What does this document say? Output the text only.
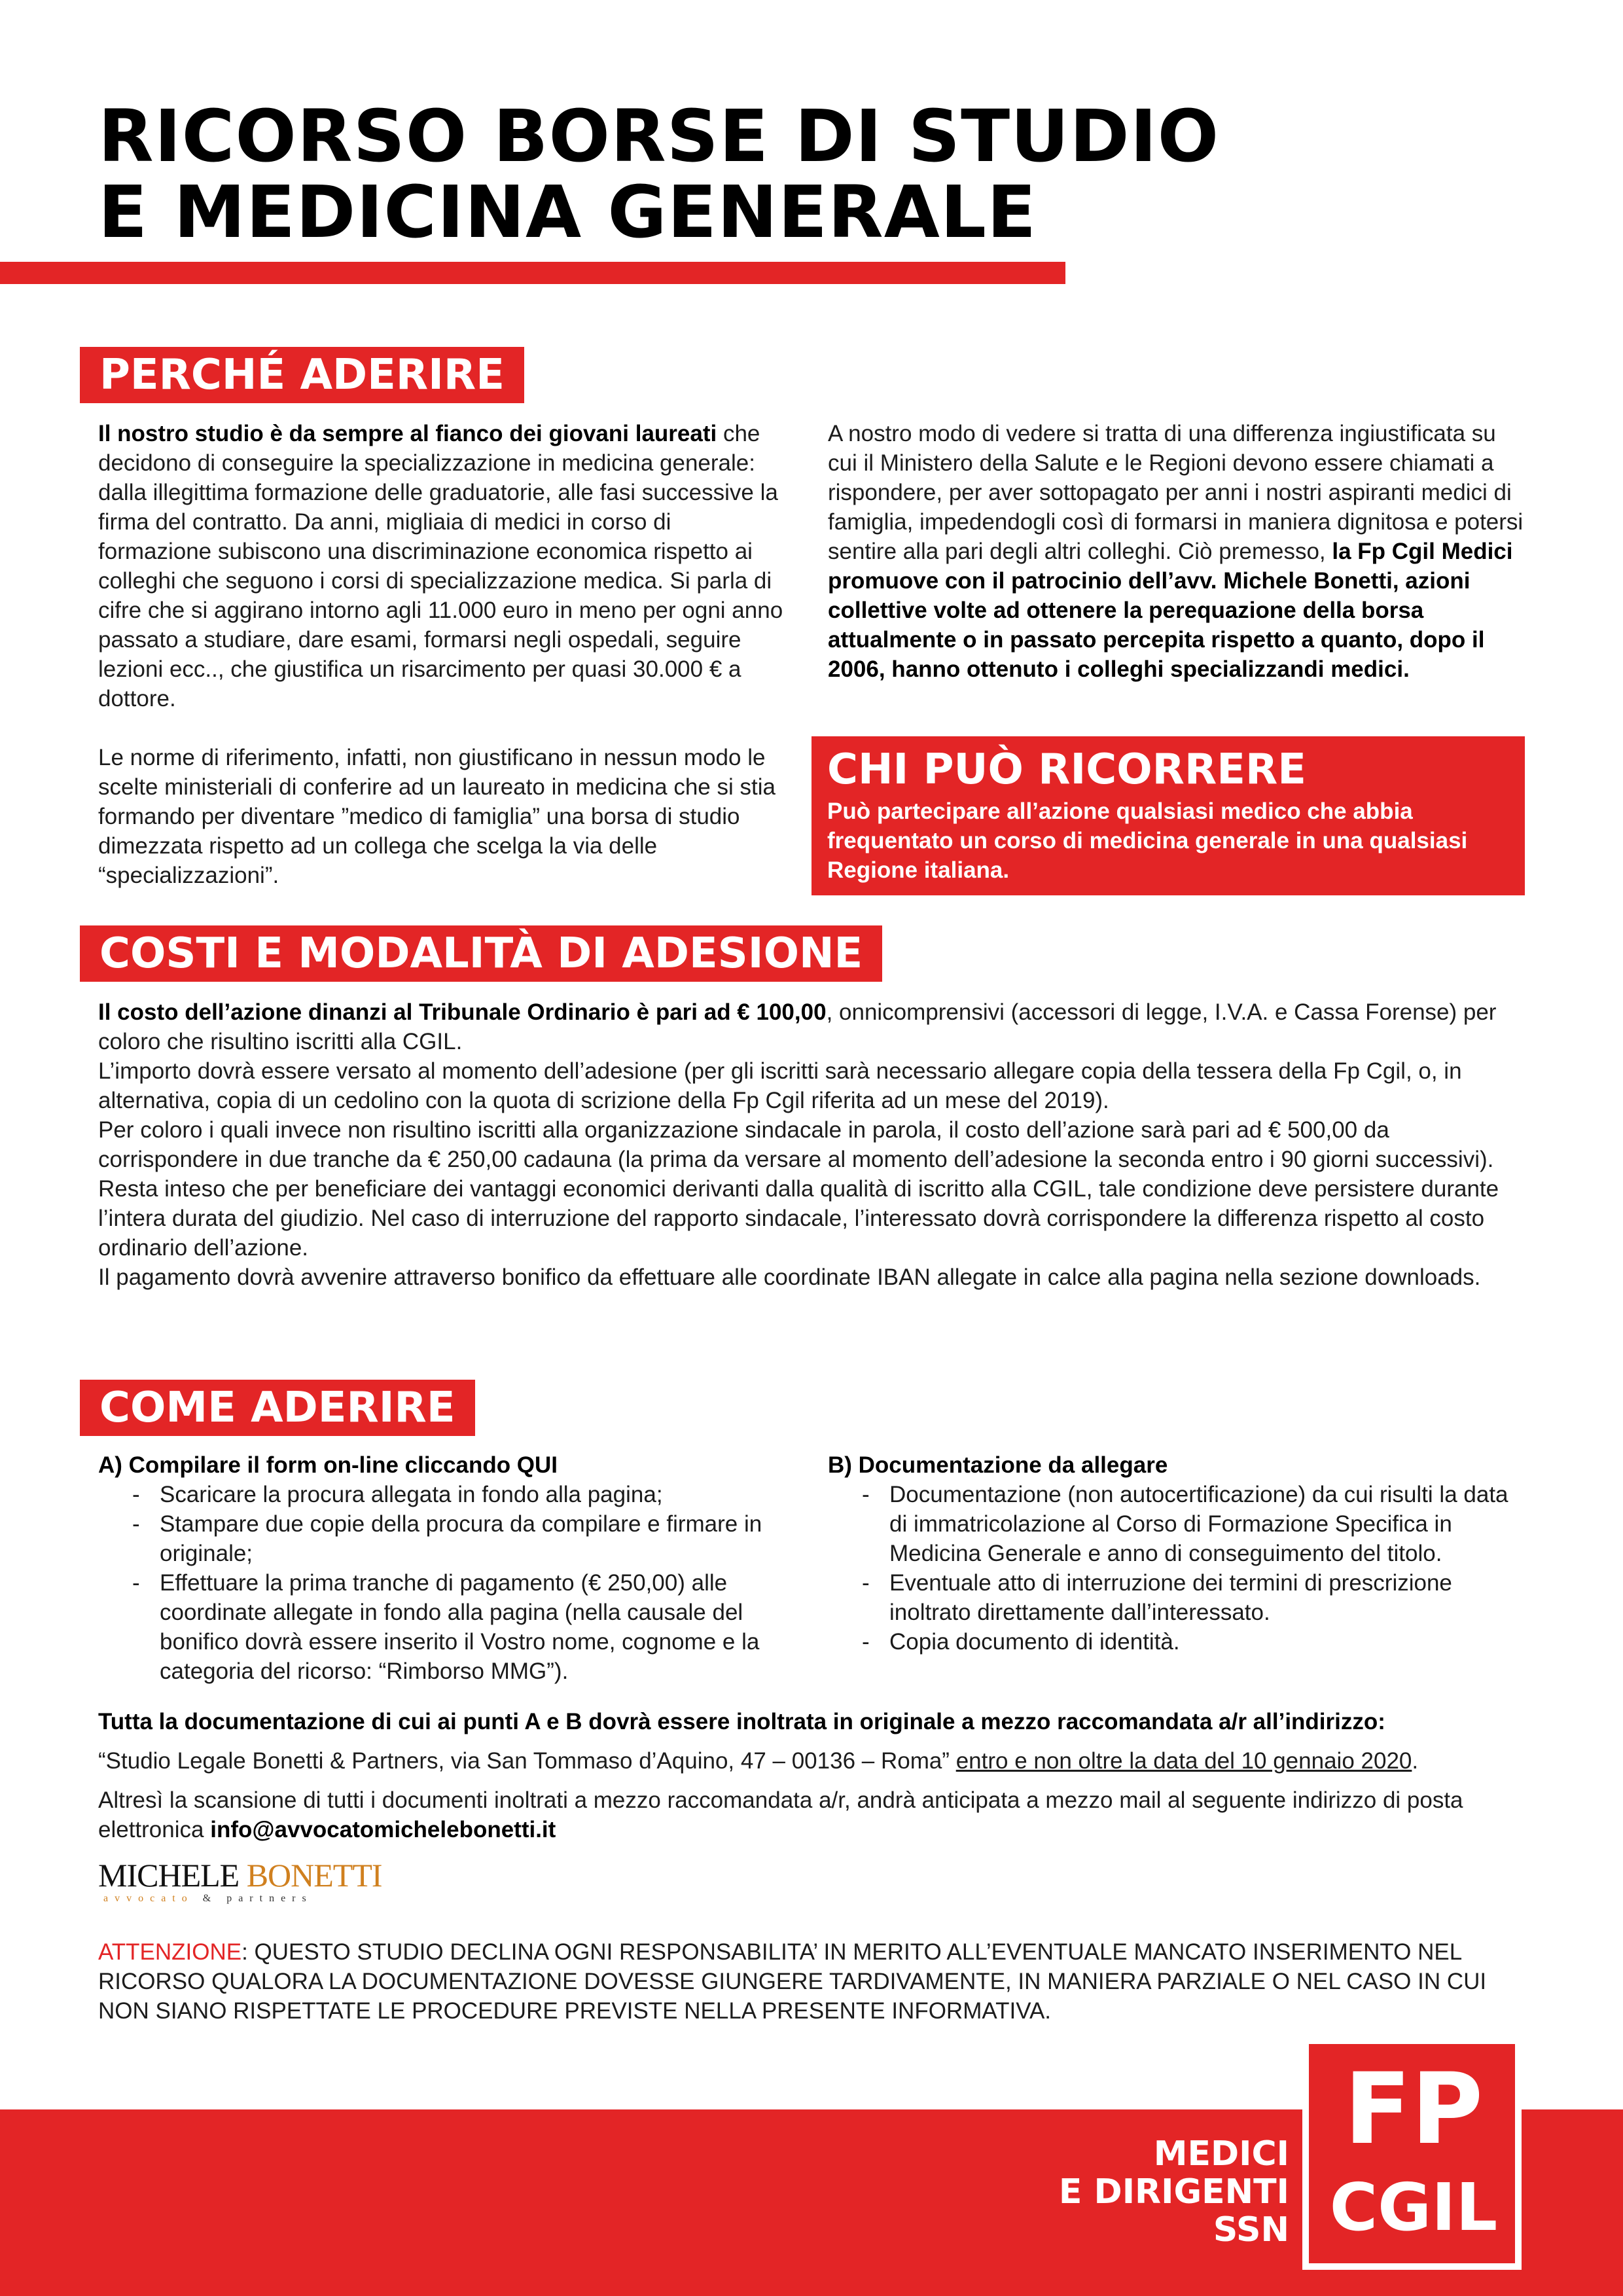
RICORSO BORSE DI STUDIO
E MEDICINA GENERALE
PERCHÉ ADERIRE
Il nostro studio è da sempre al fianco dei giovani laureati che decidono di conseguire la specializzazione in medicina generale: dalla illegittima formazione delle graduatorie, alle fasi successive la firma del contratto. Da anni, migliaia di medici in corso di formazione subiscono una discriminazione economica rispetto ai colleghi che seguono i corsi di specializzazione medica. Si parla di cifre che si aggirano intorno agli 11.000 euro in meno per ogni anno passato a studiare, dare esami, formarsi negli ospedali, seguire lezioni ecc.., che giustifica un risarcimento per quasi 30.000 € a dottore.
Le norme di riferimento, infatti, non giustificano in nessun modo le scelte ministeriali di conferire ad un laureato in medicina che si stia formando per diventare ”medico di famiglia” una borsa di studio dimezzata rispetto ad un collega che scelga la via delle “specializzazioni”.
A nostro modo di vedere si tratta di una differenza ingiustificata su cui il Ministero della Salute e le Regioni devono essere chiamati a rispondere, per aver sottopagato per anni i nostri aspiranti medici di famiglia, impedendogli così di formarsi in maniera dignitosa e potersi sentire alla pari degli altri colleghi. Ciò premesso, la Fp Cgil Medici promuove con il patrocinio dell’avv. Michele Bonetti, azioni collettive volte ad ottenere la perequazione della borsa attualmente o in passato percepita rispetto a quanto, dopo il 2006, hanno ottenuto i colleghi specializzandi medici.
CHI PUÒ RICORRERE
Può partecipare all’azione qualsiasi medico che abbia frequentato un corso di medicina generale in una qualsiasi Regione italiana.
COSTI E MODALITÀ DI ADESIONE
Il costo dell’azione dinanzi al Tribunale Ordinario è pari ad € 100,00, onnicomprensivi (accessori di legge, I.V.A. e Cassa Forense) per coloro che risultino iscritti alla CGIL.
L’importo dovrà essere versato al momento dell’adesione (per gli iscritti sarà necessario allegare copia della tessera della Fp Cgil, o, in alternativa, copia di un cedolino con la quota di scrizione della Fp Cgil riferita ad un mese del 2019).
Per coloro i quali invece non risultino iscritti alla organizzazione sindacale in parola, il costo dell’azione sarà pari ad € 500,00 da corrispondere in due tranche da € 250,00 cadauna (la prima da versare al momento dell’adesione la seconda entro i 90 giorni successivi).
Resta inteso che per beneficiare dei vantaggi economici derivanti dalla qualità di iscritto alla CGIL, tale condizione deve persistere durante l’intera durata del giudizio. Nel caso di interruzione del rapporto sindacale, l’interessato dovrà corrispondere la differenza rispetto al costo ordinario dell’azione.
Il pagamento dovrà avvenire attraverso bonifico da effettuare alle coordinate IBAN allegate in calce alla pagina nella sezione downloads.
COME ADERIRE
A) Compilare il form on-line cliccando QUI
- Scaricare la procura allegata in fondo alla pagina;
- Stampare due copie della procura da compilare e firmare in originale;
- Effettuare la prima tranche di pagamento (€ 250,00) alle coordinate allegate in fondo alla pagina (nella causale del bonifico dovrà essere inserito il Vostro nome, cognome e la categoria del ricorso: “Rimborso MMG”).
B) Documentazione da allegare
- Documentazione (non autocertificazione) da cui risulti la data di immatricolazione al Corso di Formazione Specifica in Medicina Generale e anno di conseguimento del titolo.
- Eventuale atto di interruzione dei termini di prescrizione inoltrato direttamente dall’interessato.
- Copia documento di identità.
Tutta la documentazione di cui ai punti A e B dovrà essere inoltrata in originale a mezzo raccomandata a/r all’indirizzo:
“Studio Legale Bonetti & Partners, via San Tommaso d’Aquino, 47 – 00136 – Roma” entro e non oltre la data del 10 gennaio 2020.
Altresì la scansione di tutti i documenti inoltrati a mezzo raccomandata a/r, andrà anticipata a mezzo mail al seguente indirizzo di posta elettronica info@avvocatomichelebonetti.it
MICHELE BONETTI
avvocato & partners
ATTENZIONE: QUESTO STUDIO DECLINA OGNI RESPONSABILITA’ IN MERITO ALL’EVENTUALE MANCATO INSERIMENTO NEL RICORSO QUALORA LA DOCUMENTAZIONE DOVESSE GIUNGERE TARDIVAMENTE, IN MANIERA PARZIALE O NEL CASO IN CUI NON SIANO RISPETTATE LE PROCEDURE PREVISTE NELLA PRESENTE INFORMATIVA.
MEDICI
E DIRIGENTI
SSN
FP
CGIL
